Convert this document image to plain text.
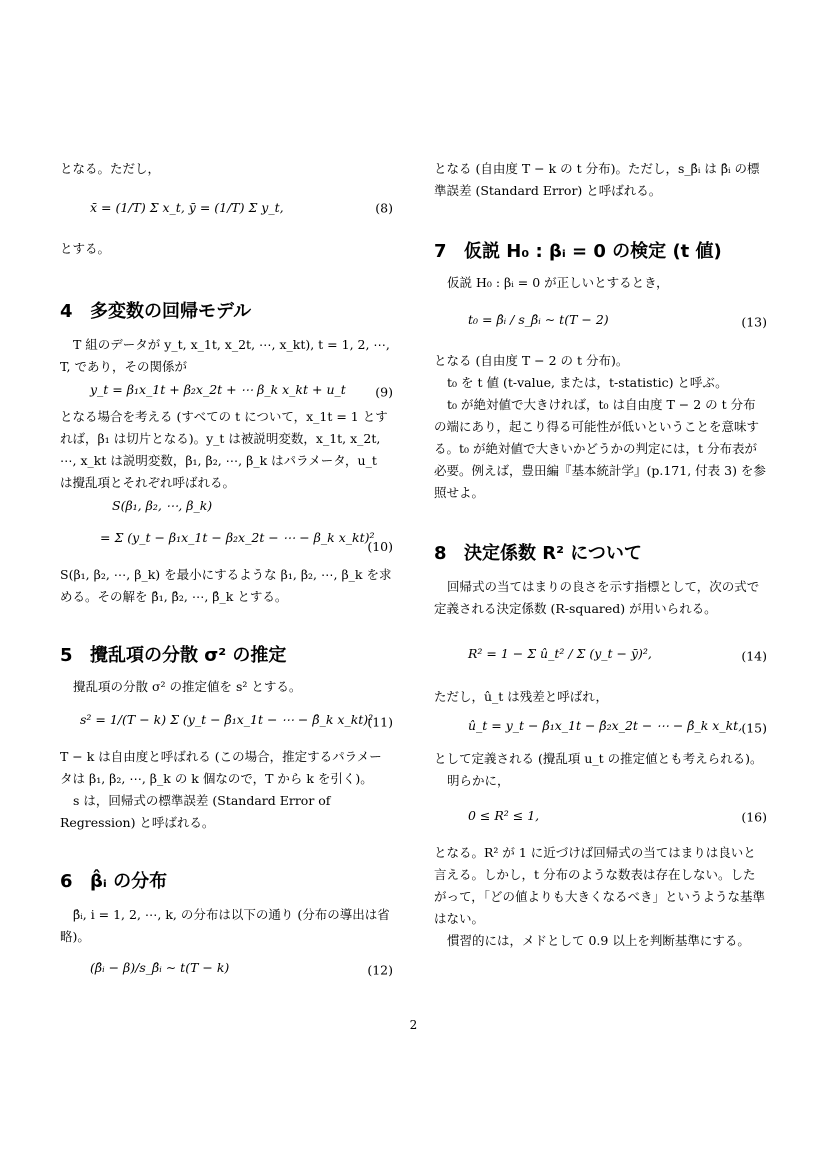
となる。ただし，

x̄ = (1/T) Σ x_t, ȳ = (1/T) Σ y_t,	(8)

とする。

4 多変数の回帰モデル

T 組のデータが y_t, x_1t, x_2t, ⋯, x_kt), t = 1, 2, ⋯, T, であり，その関係が

y_t = β₁x_1t + β₂x_2t + ⋯ β_k x_kt + u_t (9)

となる場合を考える (すべての t について，x_1t = 1 とすれば，β₁ は切片となる)。y_t は被説明変数，x_1t, x_2t, ⋯, x_kt は説明変数，β₁, β₂, ⋯, β_k はパラメータ，u_t は攪乱項とそれぞれ呼ばれる。

S(β₁, β₂, ⋯, β_k)
= Σ (y_t − β₁x_1t − β₂x_2t − ⋯ − β_k x_kt)²
(10)

S(β₁, β₂, ⋯, β_k) を最小にするような β₁, β₂, ⋯, β_k を求める。その解を β̂₁, β̂₂, ⋯, β̂_k とする。

5 攪乱項の分散 σ² の推定

攪乱項の分散 σ² の推定値を s² とする。

s² = 1/(T − k) Σ (y_t − β̂₁x_1t − ⋯ − β̂_k x_kt)²
(11)

T − k は自由度と呼ばれる (この場合，推定するパラメータは β₁, β₂, ⋯, β_k の k 個なので，T から k を引く)。

s は，回帰式の標準誤差 (Standard Error of Regression) と呼ばれる。

6 β̂ᵢ の分布

β̂ᵢ, i = 1, 2, ⋯, k, の分布は以下の通り (分布の導出は省略)。

(β̂ᵢ − β)/s_β̂ᵢ ∼ t(T − k)	(12)

となる (自由度 T − k の t 分布)。ただし，s_β̂ᵢ は β̂ᵢ の標準誤差 (Standard Error) と呼ばれる。

7 仮説 H₀ : βᵢ = 0 の検定 (t 値)

仮説 H₀ : βᵢ = 0 が正しいとするとき，

t₀ = β̂ᵢ / s_β̂ᵢ ∼ t(T − 2)	(13)

となる (自由度 T − 2 の t 分布)。

t₀ を t 値 (t-value, または，t-statistic) と呼ぶ。

t₀ が絶対値で大きければ，t₀ は自由度 T − 2 の t 分布の端にあり，起こり得る可能性が低いということを意味する。t₀ が絶対値で大きいかどうかの判定には，t 分布表が必要。例えば，豊田編『基本統計学』(p.171, 付表 3) を参照せよ。

8 決定係数 R² について

回帰式の当てはまりの良さを示す指標として，次の式で定義される決定係数 (R-squared) が用いられる。

R² = 1 − Σ û_t² / Σ (y_t − ȳ)²,	(14)

ただし，û_t は残差と呼ばれ，

û_t = y_t − β̂₁x_1t − β̂₂x_2t − ⋯ − β̂_k x_kt, (15)

として定義される (攪乱項 u_t の推定値とも考えられる)。

明らかに，

0 ≤ R² ≤ 1,	(16)

となる。R² が 1 に近づけば回帰式の当てはまりは良いと言える。しかし，t 分布のような数表は存在しない。したがって，「どの値よりも大きくなるべき」というような基準はない。

慣習的には，メドとして 0.9 以上を判断基準にする。

2
